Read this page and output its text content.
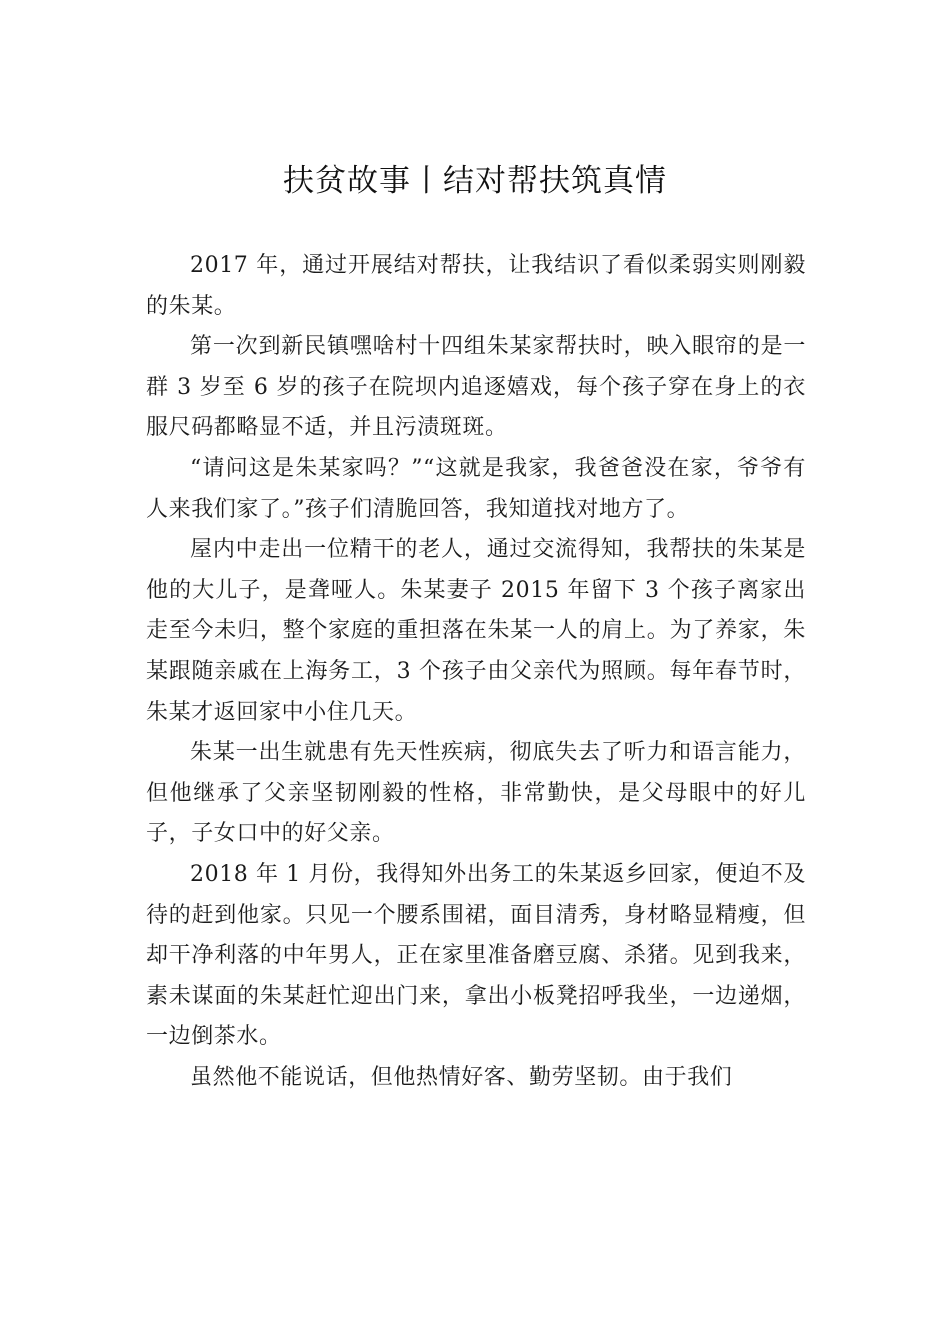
扶贫故事丨结对帮扶筑真情

2017 年，通过开展结对帮扶，让我结识了看似柔弱实则刚毅的朱某。

第一次到新民镇嘿啥村十四组朱某家帮扶时，映入眼帘的是一群 3 岁至 6 岁的孩子在院坝内追逐嬉戏，每个孩子穿在身上的衣服尺码都略显不适，并且污渍斑斑。

“请问这是朱某家吗？”“这就是我家，我爸爸没在家，爷爷有人来我们家了。”孩子们清脆回答，我知道找对地方了。

屋内中走出一位精干的老人，通过交流得知，我帮扶的朱某是他的大儿子，是聋哑人。朱某妻子 2015 年留下 3 个孩子离家出走至今未归，整个家庭的重担落在朱某一人的肩上。为了养家，朱某跟随亲戚在上海务工，3 个孩子由父亲代为照顾。每年春节时，朱某才返回家中小住几天。

朱某一出生就患有先天性疾病，彻底失去了听力和语言能力，但他继承了父亲坚韧刚毅的性格，非常勤快，是父母眼中的好儿子，子女口中的好父亲。

2018 年 1 月份，我得知外出务工的朱某返乡回家，便迫不及待的赶到他家。只见一个腰系围裙，面目清秀，身材略显精瘦，但却干净利落的中年男人，正在家里准备磨豆腐、杀猪。见到我来，素未谋面的朱某赶忙迎出门来，拿出小板凳招呼我坐，一边递烟，一边倒茶水。

虽然他不能说话，但他热情好客、勤劳坚韧。由于我们
